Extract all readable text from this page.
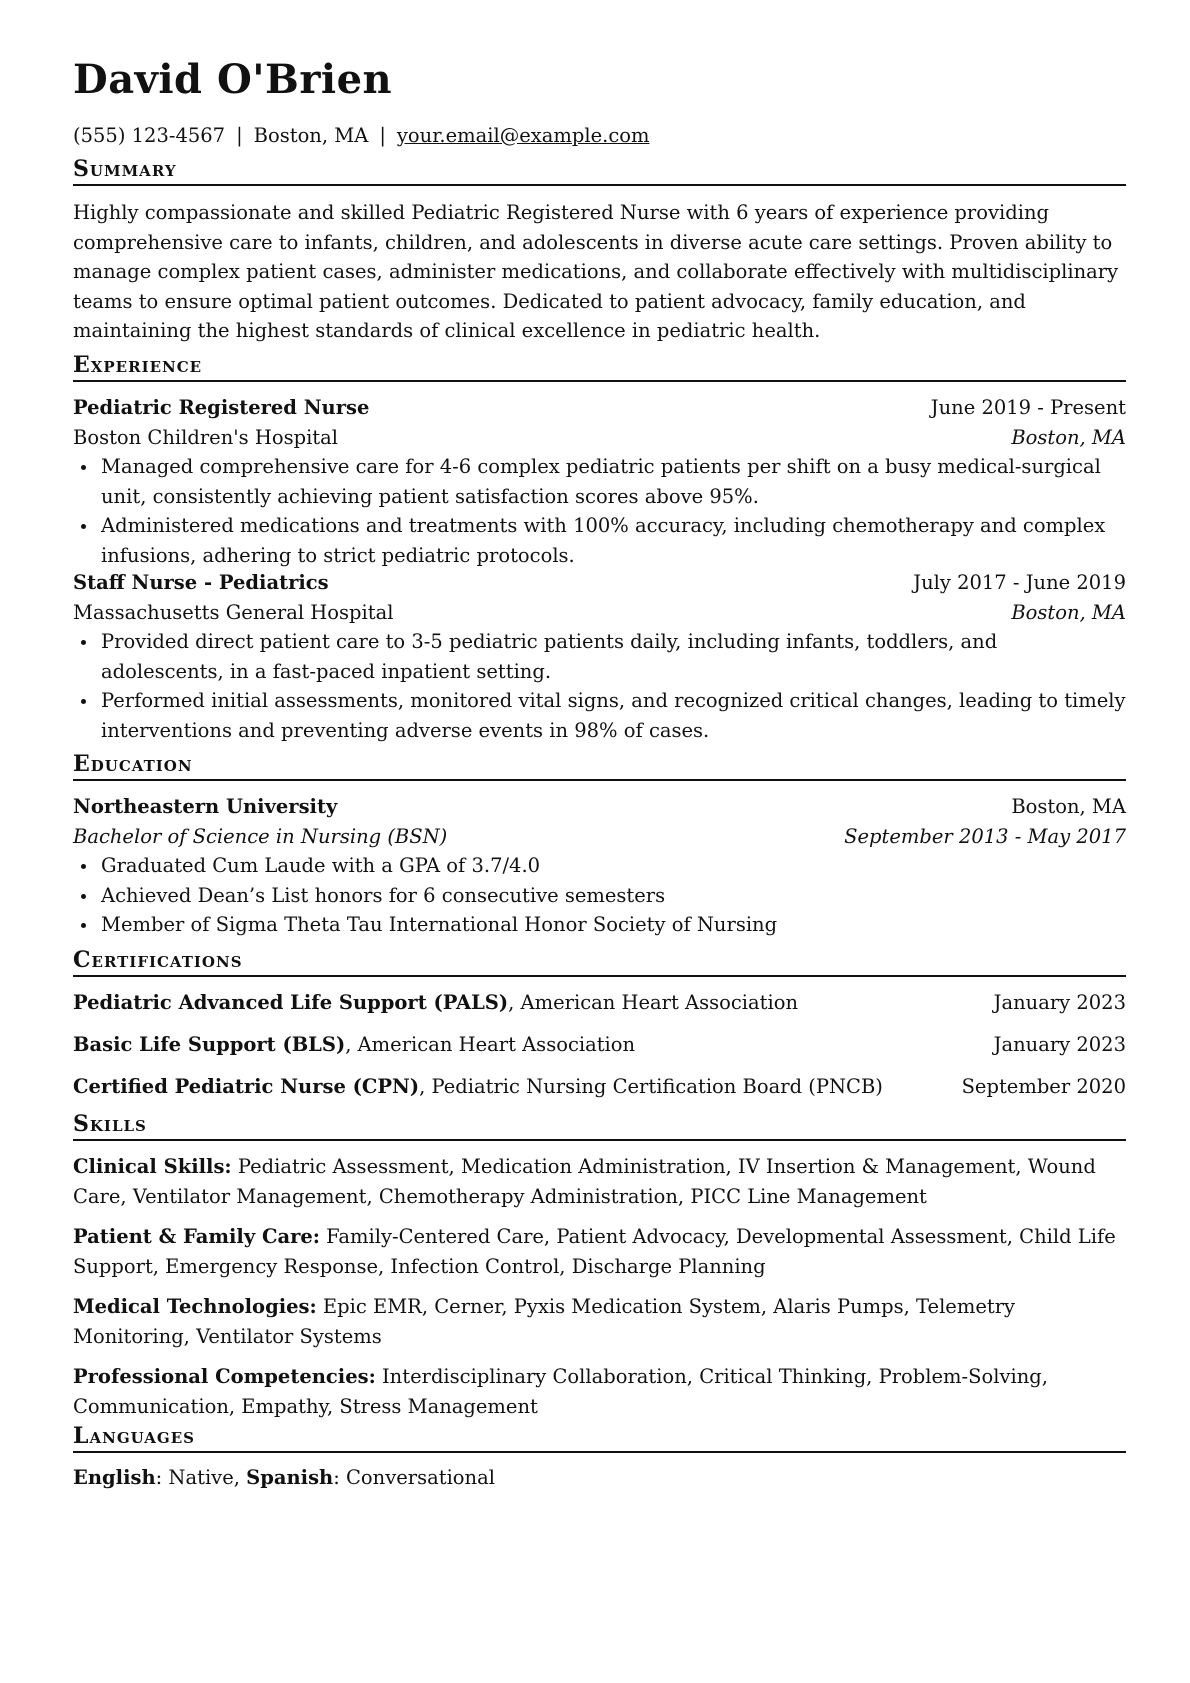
David O'Brien
(555) 123-4567 | Boston, MA | your.email@example.com
Summary
Highly compassionate and skilled Pediatric Registered Nurse with 6 years of experience providing comprehensive care to infants, children, and adolescents in diverse acute care settings. Proven ability to manage complex patient cases, administer medications, and collaborate effectively with multidisciplinary teams to ensure optimal patient outcomes. Dedicated to patient advocacy, family education, and maintaining the highest standards of clinical excellence in pediatric health.
Experience
Pediatric Registered Nurse	June 2019 - Present
Boston Children's Hospital	Boston, MA
Managed comprehensive care for 4-6 complex pediatric patients per shift on a busy medical-surgical unit, consistently achieving patient satisfaction scores above 95%.
Administered medications and treatments with 100% accuracy, including chemotherapy and complex infusions, adhering to strict pediatric protocols.
Staff Nurse - Pediatrics	July 2017 - June 2019
Massachusetts General Hospital	Boston, MA
Provided direct patient care to 3-5 pediatric patients daily, including infants, toddlers, and adolescents, in a fast-paced inpatient setting.
Performed initial assessments, monitored vital signs, and recognized critical changes, leading to timely interventions and preventing adverse events in 98% of cases.
Education
Northeastern University	Boston, MA
Bachelor of Science in Nursing (BSN)	September 2013 - May 2017
Graduated Cum Laude with a GPA of 3.7/4.0
Achieved Dean’s List honors for 6 consecutive semesters
Member of Sigma Theta Tau International Honor Society of Nursing
Certifications
Pediatric Advanced Life Support (PALS), American Heart Association	January 2023
Basic Life Support (BLS), American Heart Association	January 2023
Certified Pediatric Nurse (CPN), Pediatric Nursing Certification Board (PNCB)	September 2020
Skills
Clinical Skills: Pediatric Assessment, Medication Administration, IV Insertion & Management, Wound Care, Ventilator Management, Chemotherapy Administration, PICC Line Management
Patient & Family Care: Family-Centered Care, Patient Advocacy, Developmental Assessment, Child Life Support, Emergency Response, Infection Control, Discharge Planning
Medical Technologies: Epic EMR, Cerner, Pyxis Medication System, Alaris Pumps, Telemetry Monitoring, Ventilator Systems
Professional Competencies: Interdisciplinary Collaboration, Critical Thinking, Problem-Solving, Communication, Empathy, Stress Management
Languages
English: Native, Spanish: Conversational
